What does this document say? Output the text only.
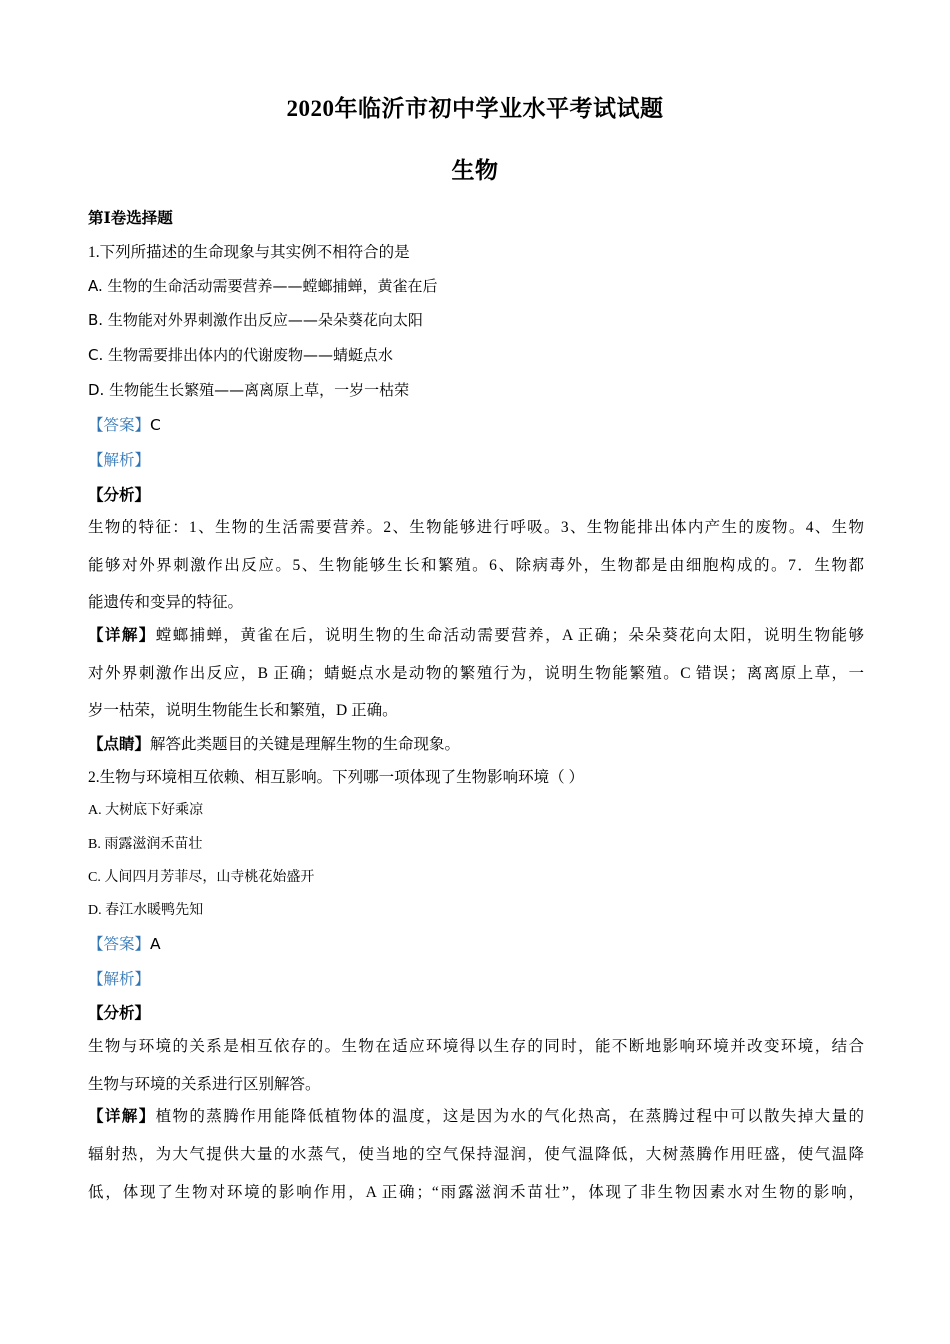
2020年临沂市初中学业水平考试试题
生物
第Ⅰ卷选择题
1.下列所描述的生命现象与其实例不相符合的是
A. 生物的生命活动需要营养——螳螂捕蝉，黄雀在后
B. 生物能对外界刺激作出反应——朵朵葵花向太阳
C. 生物需要排出体内的代谢废物——蜻蜓点水
D. 生物能生长繁殖——离离原上草，一岁一枯荣
【答案】C
【解析】
【分析】
生物的特征：1、生物的生活需要营养。2、生物能够进行呼吸。3、生物能排出体内产生的废物。4、生物
能够对外界刺激作出反应。5、生物能够生长和繁殖。6、除病毒外，生物都是由细胞构成的。7．生物都
能遗传和变异的特征。
【详解】螳螂捕蝉，黄雀在后，说明生物的生命活动需要营养，A 正确；朵朵葵花向太阳，说明生物能够
对外界刺激作出反应，B 正确；蜻蜓点水是动物的繁殖行为，说明生物能繁殖。C 错误；离离原上草，一
岁一枯荣，说明生物能生长和繁殖，D 正确。
【点睛】解答此类题目的关键是理解生物的生命现象。
2.生物与环境相互依赖、相互影响。下列哪一项体现了生物影响环境（ ）
A. 大树底下好乘凉
B. 雨露滋润禾苗壮
C. 人间四月芳菲尽，山寺桃花始盛开
D. 春江水暖鸭先知
【答案】A
【解析】
【分析】
生物与环境的关系是相互依存的。生物在适应环境得以生存的同时，能不断地影响环境并改变环境，结合
生物与环境的关系进行区别解答。
【详解】植物的蒸腾作用能降低植物体的温度，这是因为水的气化热高，在蒸腾过程中可以散失掉大量的
辐射热，为大气提供大量的水蒸气，使当地的空气保持湿润，使气温降低，大树蒸腾作用旺盛，使气温降
低，体现了生物对环境的影响作用，A 正确；“雨露滋润禾苗壮”，体现了非生物因素水对生物的影响，
